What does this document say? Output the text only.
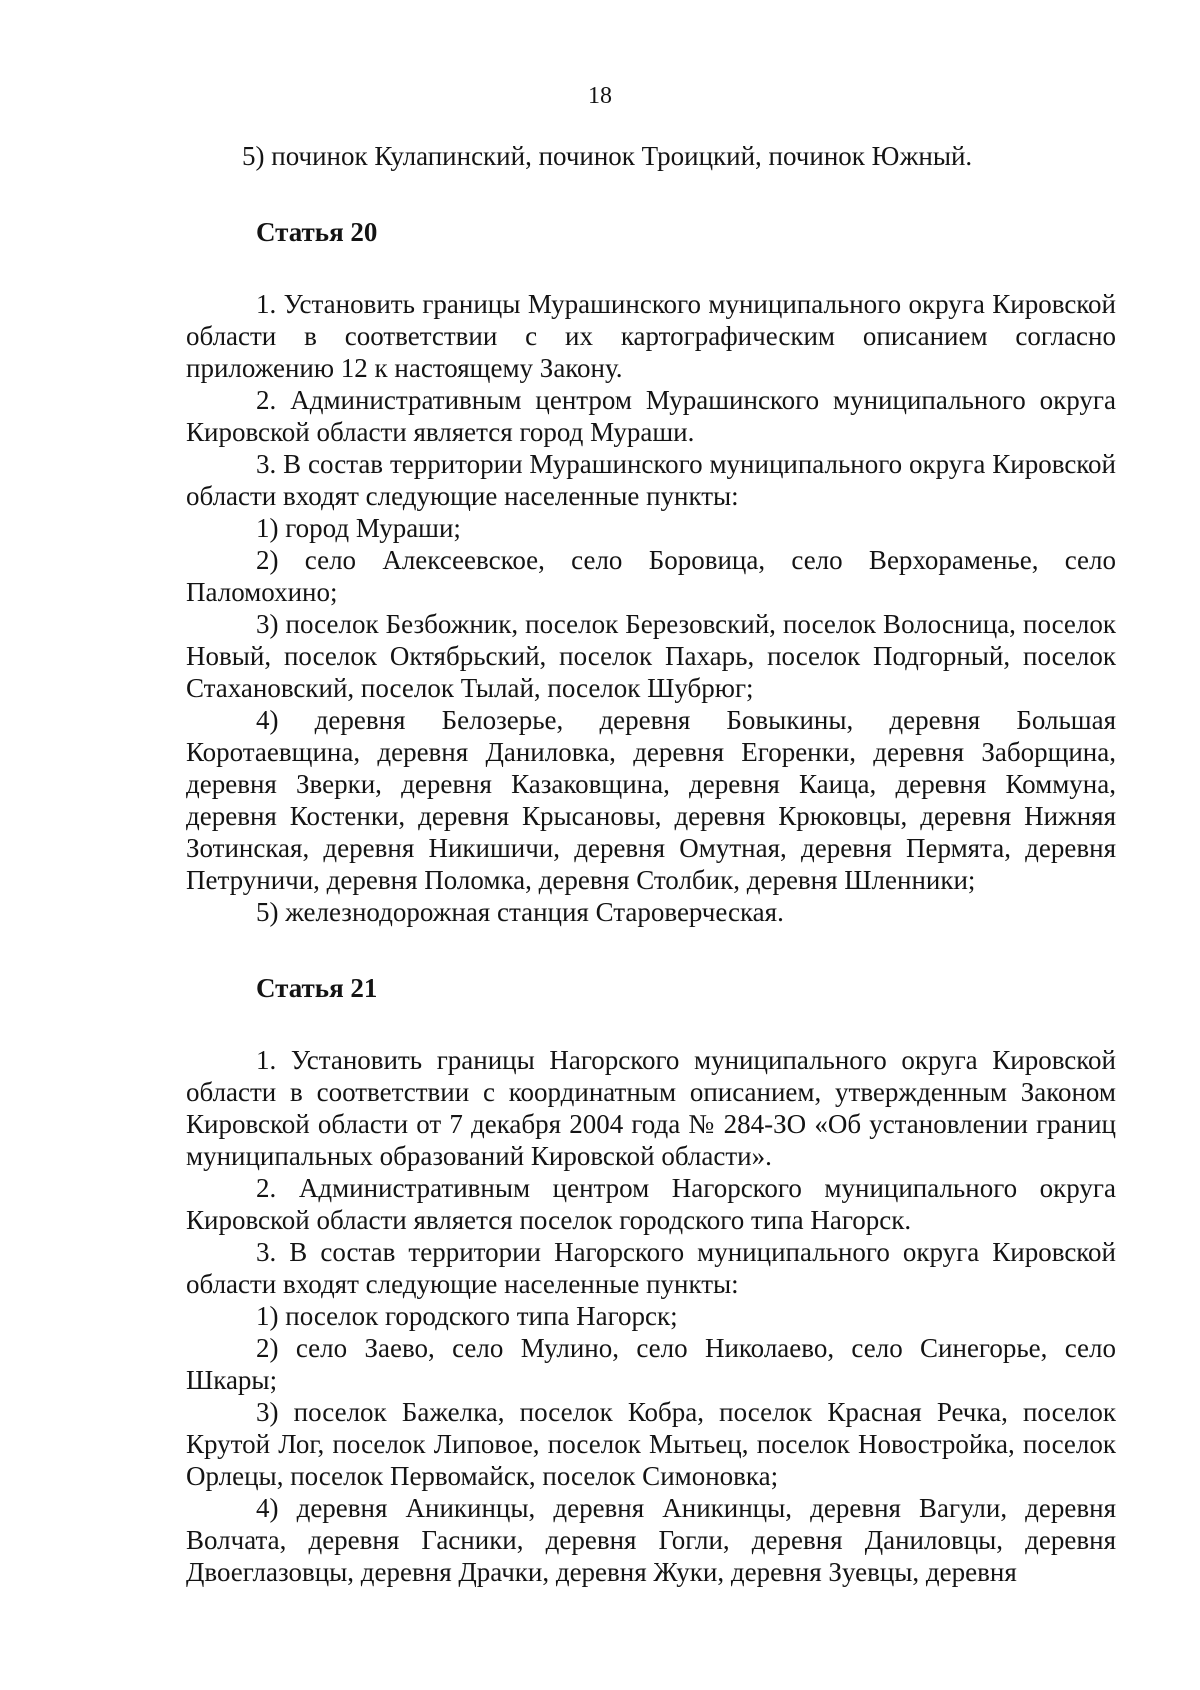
18

5) починок Кулапинский, починок Троицкий, починок Южный.

Статья 20

1. Установить границы Мурашинского муниципального округа Кировской области в соответствии с их картографическим описанием согласно приложению 12 к настоящему Закону.

2. Административным центром Мурашинского муниципального округа Кировской области является город Мураши.

3. В состав территории Мурашинского муниципального округа Кировской области входят следующие населенные пункты:

1) город Мураши;

2) село Алексеевское, село Боровица, село Верхораменье, село Паломохино;

3) поселок Безбожник, поселок Березовский, поселок Волосница, поселок Новый, поселок Октябрьский, поселок Пахарь, поселок Подгорный, поселок Стахановский, поселок Тылай, поселок Шубрюг;

4) деревня Белозерье, деревня Бовыкины, деревня Большая Коротаевщина, деревня Даниловка, деревня Егоренки, деревня Заборщина, деревня Зверки, деревня Казаковщина, деревня Каица, деревня Коммуна, деревня Костенки, деревня Крысановы, деревня Крюковцы, деревня Нижняя Зотинская, деревня Никишичи, деревня Омутная, деревня Пермята, деревня Петруничи, деревня Поломка, деревня Столбик, деревня Шленники;

5) железнодорожная станция Староверческая.

Статья 21

1. Установить границы Нагорского муниципального округа Кировской области в соответствии с координатным описанием, утвержденным Законом Кировской области от 7 декабря 2004 года № 284-ЗО «Об установлении границ муниципальных образований Кировской области».

2. Административным центром Нагорского муниципального округа Кировской области является поселок городского типа Нагорск.

3. В состав территории Нагорского муниципального округа Кировской области входят следующие населенные пункты:

1) поселок городского типа Нагорск;

2) село Заево, село Мулино, село Николаево, село Синегорье, село Шкары;

3) поселок Бажелка, поселок Кобра, поселок Красная Речка, поселок Крутой Лог, поселок Липовое, поселок Мытьец, поселок Новостройка, поселок Орлецы, поселок Первомайск, поселок Симоновка;

4) деревня Аникинцы, деревня Аникинцы, деревня Вагули, деревня Волчата, деревня Гасники, деревня Гогли, деревня Даниловцы, деревня Двоеглазовцы, деревня Драчки, деревня Жуки, деревня Зуевцы, деревня
